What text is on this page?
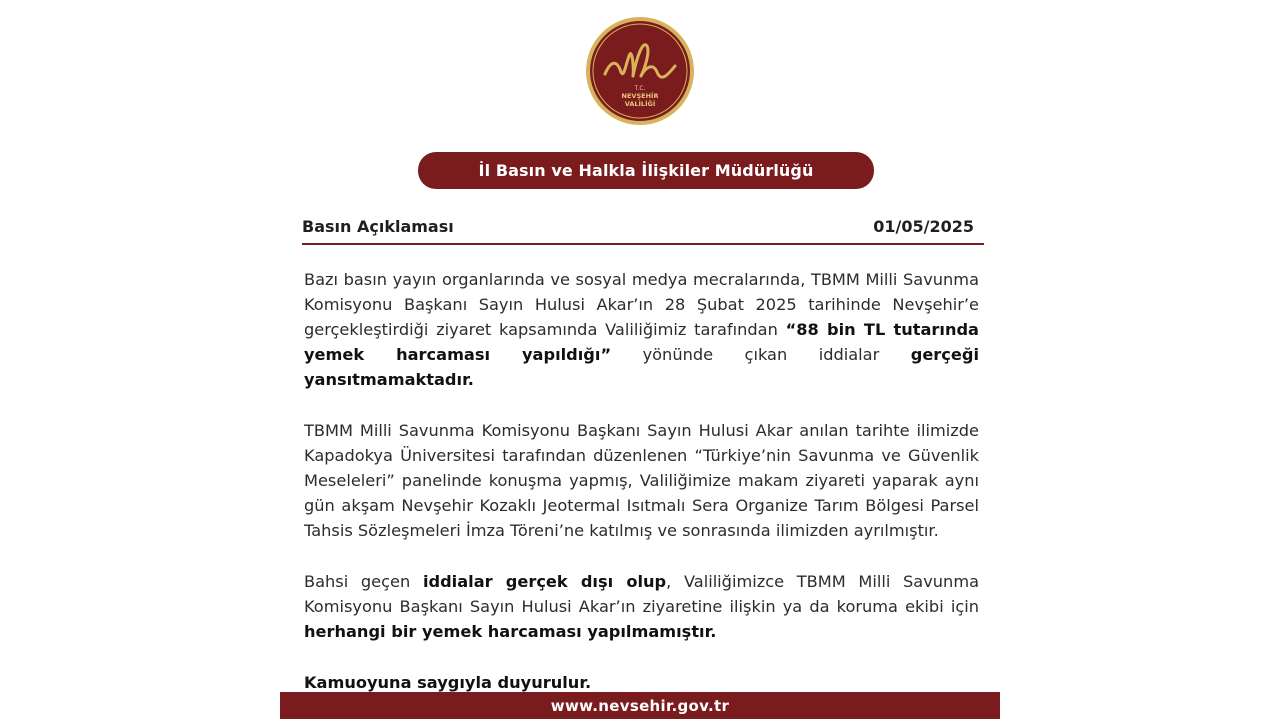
T.C.
NEVŞEHİR
VALİLİĞİ
İl Basın ve Halkla İlişkiler Müdürlüğü
Basın Açıklaması	01/05/2025

Bazı basın yayın organlarında ve sosyal medya mecralarında, TBMM Milli Savunma Komisyonu Başkanı Sayın Hulusi Akar’ın 28 Şubat 2025 tarihinde Nevşehir’e gerçekleştirdiği ziyaret kapsamında Valiliğimiz tarafından “88 bin TL tutarında yemek harcaması yapıldığı” yönünde çıkan iddialar gerçeği yansıtmamaktadır.

TBMM Milli Savunma Komisyonu Başkanı Sayın Hulusi Akar anılan tarihte ilimizde Kapadokya Üniversitesi tarafından düzenlenen “Türkiye’nin Savunma ve Güvenlik Meseleleri” panelinde konuşma yapmış, Valiliğimize makam ziyareti yaparak aynı gün akşam Nevşehir Kozaklı Jeotermal Isıtmalı Sera Organize Tarım Bölgesi Parsel Tahsis Sözleşmeleri İmza Töreni’ne katılmış ve sonrasında ilimizden ayrılmıştır.

Bahsi geçen iddialar gerçek dışı olup, Valiliğimizce TBMM Milli Savunma Komisyonu Başkanı Sayın Hulusi Akar’ın ziyaretine ilişkin ya da koruma ekibi için herhangi bir yemek harcaması yapılmamıştır.

Kamuoyuna saygıyla duyurulur.

www.nevsehir.gov.tr
